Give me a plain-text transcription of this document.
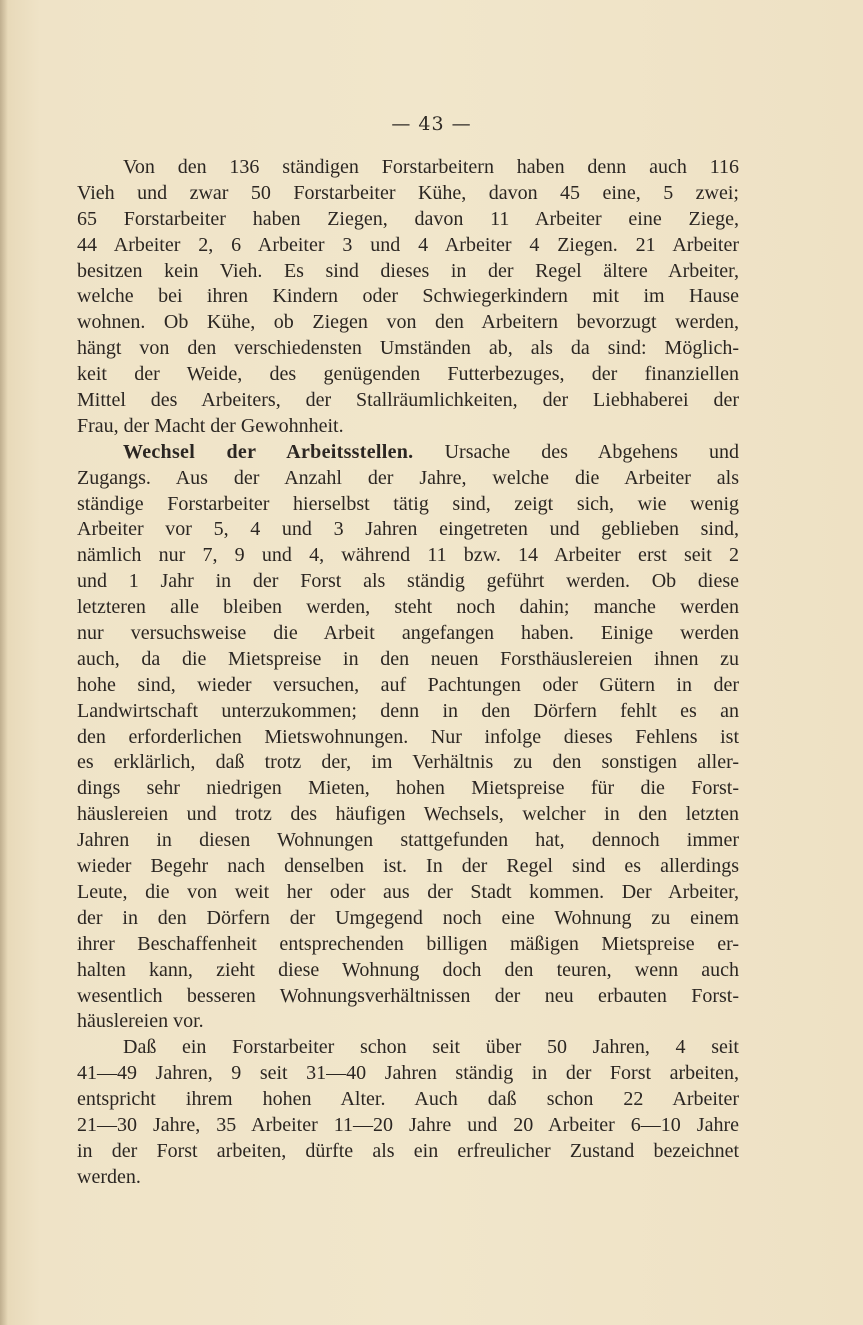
— 43 —
Von den 136 ständigen Forstarbeitern haben denn auch 116
Vieh und zwar 50 Forstarbeiter Kühe, davon 45 eine, 5 zwei;
65 Forstarbeiter haben Ziegen, davon 11 Arbeiter eine Ziege,
44 Arbeiter 2, 6 Arbeiter 3 und 4 Arbeiter 4 Ziegen. 21 Arbeiter
besitzen kein Vieh. Es sind dieses in der Regel ältere Arbeiter,
welche bei ihren Kindern oder Schwiegerkindern mit im Hause
wohnen. Ob Kühe, ob Ziegen von den Arbeitern bevorzugt werden,
hängt von den verschiedensten Umständen ab, als da sind: Möglich-
keit der Weide, des genügenden Futterbezuges, der finanziellen
Mittel des Arbeiters, der Stallräumlichkeiten, der Liebhaberei der
Frau, der Macht der Gewohnheit.
Wechsel der Arbeitsstellen. Ursache des Abgehens und
Zugangs. Aus der Anzahl der Jahre, welche die Arbeiter als
ständige Forstarbeiter hierselbst tätig sind, zeigt sich, wie wenig
Arbeiter vor 5, 4 und 3 Jahren eingetreten und geblieben sind,
nämlich nur 7, 9 und 4, während 11 bzw. 14 Arbeiter erst seit 2
und 1 Jahr in der Forst als ständig geführt werden. Ob diese
letzteren alle bleiben werden, steht noch dahin; manche werden
nur versuchsweise die Arbeit angefangen haben. Einige werden
auch, da die Mietspreise in den neuen Forsthäuslereien ihnen zu
hohe sind, wieder versuchen, auf Pachtungen oder Gütern in der
Landwirtschaft unterzukommen; denn in den Dörfern fehlt es an
den erforderlichen Mietswohnungen. Nur infolge dieses Fehlens ist
es erklärlich, daß trotz der, im Verhältnis zu den sonstigen aller-
dings sehr niedrigen Mieten, hohen Mietspreise für die Forst-
häuslereien und trotz des häufigen Wechsels, welcher in den letzten
Jahren in diesen Wohnungen stattgefunden hat, dennoch immer
wieder Begehr nach denselben ist. In der Regel sind es allerdings
Leute, die von weit her oder aus der Stadt kommen. Der Arbeiter,
der in den Dörfern der Umgegend noch eine Wohnung zu einem
ihrer Beschaffenheit entsprechenden billigen mäßigen Mietspreise er-
halten kann, zieht diese Wohnung doch den teuren, wenn auch
wesentlich besseren Wohnungsverhältnissen der neu erbauten Forst-
häuslereien vor.
Daß ein Forstarbeiter schon seit über 50 Jahren, 4 seit
41—49 Jahren, 9 seit 31—40 Jahren ständig in der Forst arbeiten,
entspricht ihrem hohen Alter. Auch daß schon 22 Arbeiter
21—30 Jahre, 35 Arbeiter 11—20 Jahre und 20 Arbeiter 6—10 Jahre
in der Forst arbeiten, dürfte als ein erfreulicher Zustand bezeichnet
werden.
